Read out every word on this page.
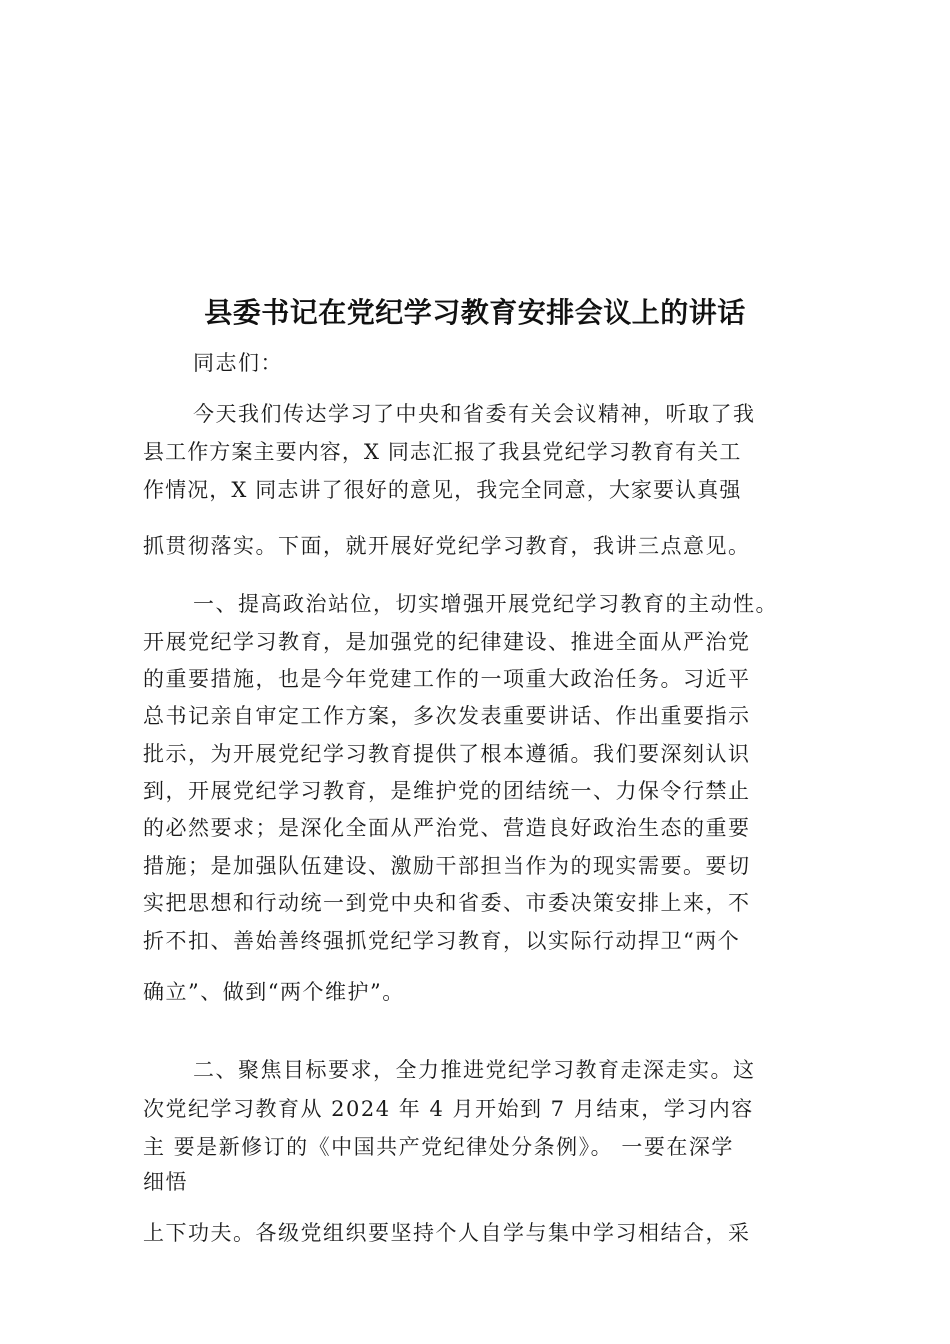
县委书记在党纪学习教育安排会议上的讲话

同志们：

今天我们传达学习了中央和省委有关会议精神，听取了我

县工作方案主要内容，X 同志汇报了我县党纪学习教育有关工

作情况，X 同志讲了很好的意见，我完全同意，大家要认真强

抓贯彻落实。下面，就开展好党纪学习教育，我讲三点意见。

一、提高政治站位，切实增强开展党纪学习教育的主动性。

开展党纪学习教育，是加强党的纪律建设、推进全面从严治党

的重要措施，也是今年党建工作的一项重大政治任务。习近平

总书记亲自审定工作方案，多次发表重要讲话、作出重要指示

批示，为开展党纪学习教育提供了根本遵循。我们要深刻认识

到，开展党纪学习教育，是维护党的团结统一、力保令行禁止

的必然要求；是深化全面从严治党、营造良好政治生态的重要

措施；是加强队伍建设、激励干部担当作为的现实需要。要切

实把思想和行动统一到党中央和省委、市委决策安排上来，不

折不扣、善始善终强抓党纪学习教育，以实际行动捍卫“两个

确立”、做到“两个维护”。

二、聚焦目标要求，全力推进党纪学习教育走深走实。这

次党纪学习教育从 2024 年 4 月开始到 7 月结束，学习内容

主 要是新修订的《中国共产党纪律处分条例》。 一要在深学

细悟

上下功夫。各级党组织要坚持个人自学与集中学习相结合，采
